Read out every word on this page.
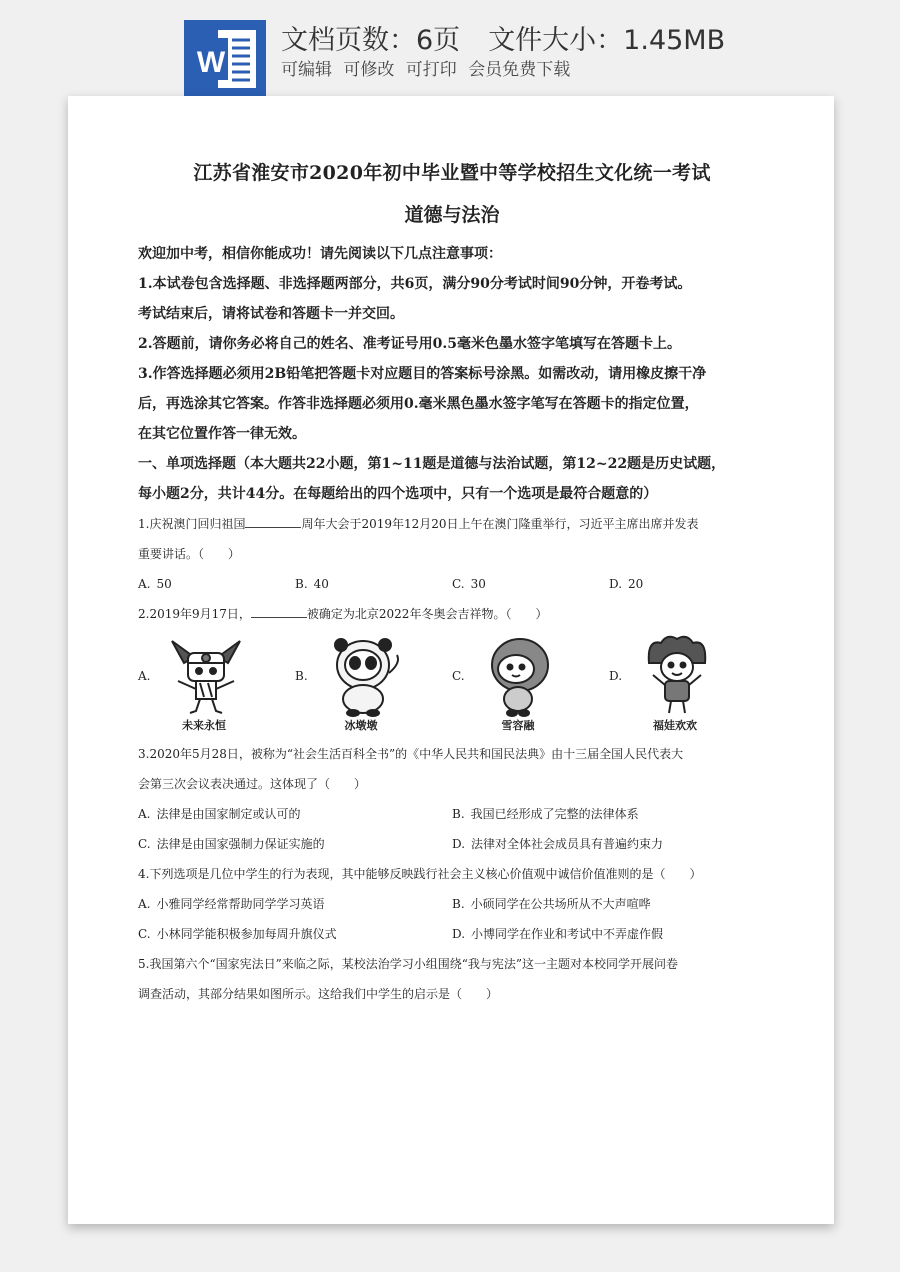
W
文档页数：6页 文件大小：1.45MB
可编辑 可修改 可打印 会员免费下载
江苏省淮安市2020年初中毕业暨中等学校招生文化统一考试
道德与法治
欢迎加中考，相信你能成功！请先阅读以下几点注意事项：
1.本试卷包含选择题、非选择题两部分，共6页，满分90分考试时间90分钟，开卷考试。
考试结束后，请将试卷和答题卡一并交回。
2.答题前，请你务必将自己的姓名、准考证号用0.5毫米色墨水签字笔填写在答题卡上。
3.作答选择题必须用2B铅笔把答题卡对应题目的答案标号涂黑。如需改动，请用橡皮擦干净
后，再选涂其它答案。作答非选择题必须用0.毫米黑色墨水签字笔写在答题卡的指定位置，
在其它位置作答一律无效。
一、单项选择题（本大题共22小题，第1~11题是道德与法治试题，第12~22题是历史试题，
每小题2分，共计44分。在每题给出的四个选项中，只有一个选项是最符合题意的）
1.庆祝澳门回归祖国	周年大会于2019年12月20日上午在澳门隆重举行，习近平主席出席并发表
重要讲话。（　　）
A. 50	B. 40	C. 30	D. 20
2.2019年9月17日，	被确定为北京2022年冬奥会吉祥物。（　　）
A.
未来永恒
B.
冰墩墩
C.
雪容融
D.
福娃欢欢
3.2020年5月28日，被称为“社会生活百科全书”的《中华人民共和国民法典》由十三届全国人民代表大
会第三次会议表决通过。这体现了（　　）
A. 法律是由国家制定或认可的	B. 我国已经形成了完整的法律体系
C. 法律是由国家强制力保证实施的	D. 法律对全体社会成员具有普遍约束力
4.下列选项是几位中学生的行为表现，其中能够反映践行社会主义核心价值观中诚信价值准则的是（　　）
A. 小雅同学经常帮助同学学习英语	B. 小硕同学在公共场所从不大声喧哗
C. 小林同学能积极参加每周升旗仪式	D. 小博同学在作业和考试中不弄虚作假
5.我国第六个“国家宪法日”来临之际，某校法治学习小组围绕“我与宪法”这一主题对本校同学开展问卷
调查活动，其部分结果如图所示。这给我们中学生的启示是（　　）
